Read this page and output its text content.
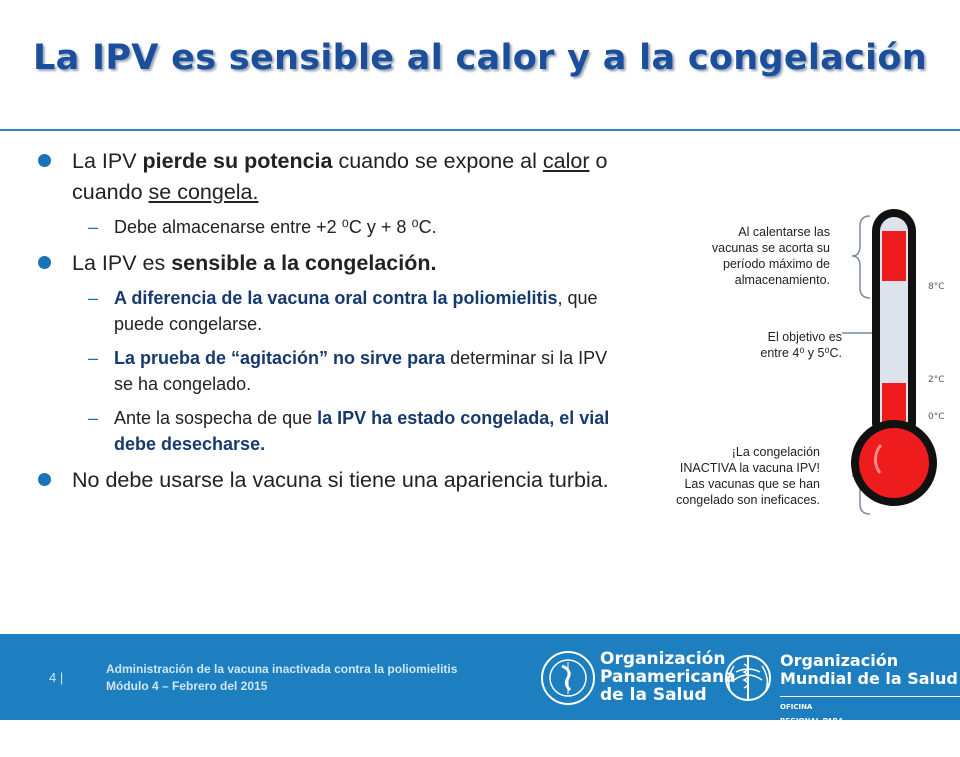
La IPV es sensible al calor y a la congelación
La IPV pierde su potencia cuando se expone al calor o cuando se congela.
– Debe almacenarse entre +2 ⁰C y + 8 ⁰C.
La IPV es sensible a la congelación.
– A diferencia de la vacuna oral contra la poliomielitis, que puede congelarse.
– La prueba de “agitación” no sirve para determinar si la IPV se ha congelado.
– Ante la sospecha de que la IPV ha estado congelada, el vial debe desecharse.
No debe usarse la vacuna si tiene una apariencia turbia.
Al calentarse las
vacunas se acorta su
período máximo de
almacenamiento.
El objetivo es
entre 4⁰ y 5⁰C.
¡La congelación
INACTIVA la vacuna IPV!
Las vacunas que se han
congelado son ineficaces.
8°C
2°C
0°C
4 |
Administración de la vacuna inactivada contra la poliomielitis
Módulo 4 – Febrero del 2015
Organización
Panamericana
de la Salud
Organización
Mundial de la Salud
OFICINA REGIONAL PARA LAS Américas
